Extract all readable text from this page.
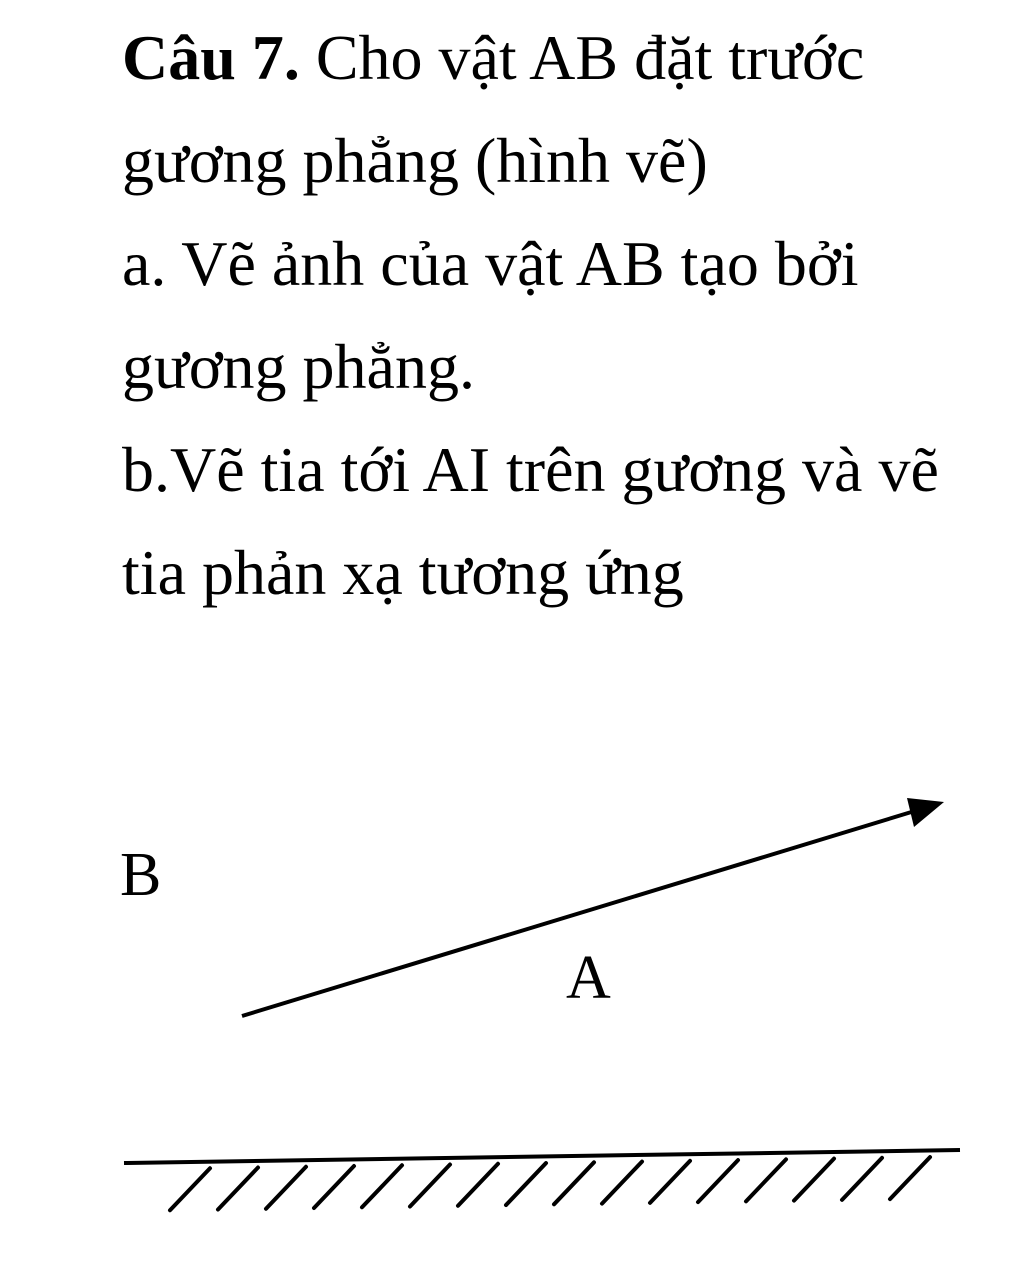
Câu 7. Cho vật AB đặt trước gương phẳng (hình vẽ)

a. Vẽ ảnh của vật AB tạo bởi gương phẳng.

b.Vẽ tia tới AI trên gương và vẽ tia phản xạ tương ứng

B
A
